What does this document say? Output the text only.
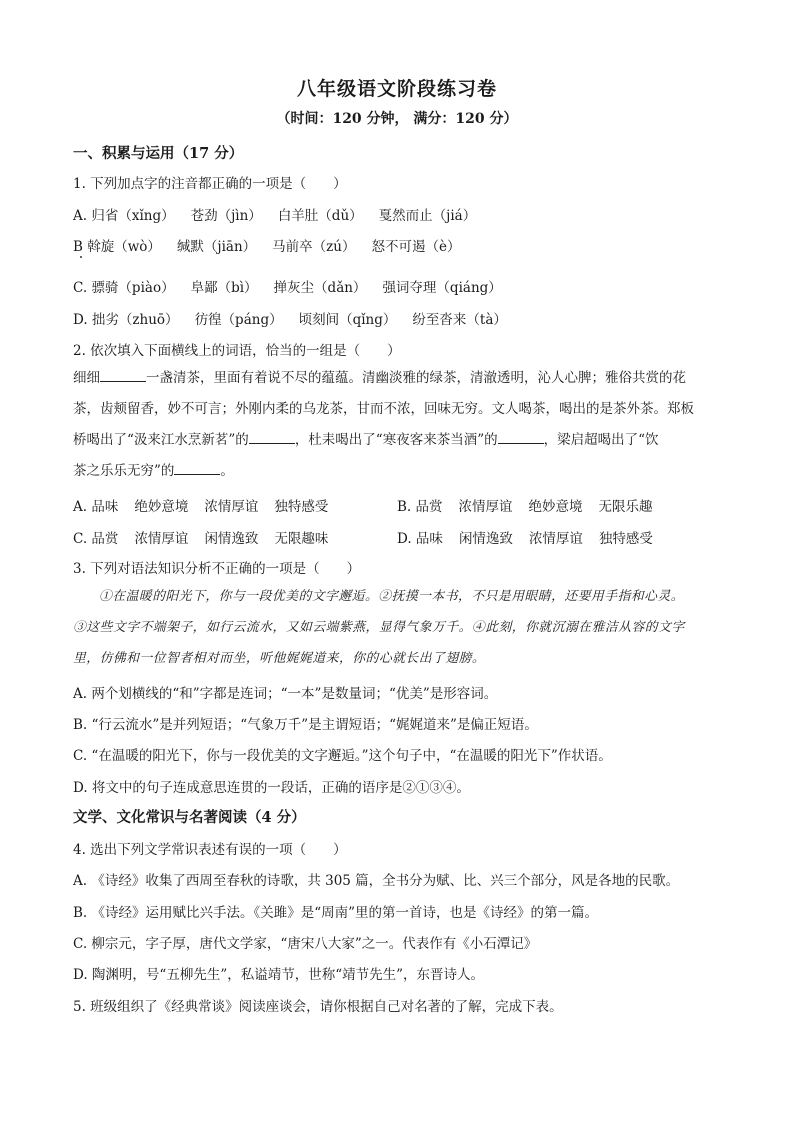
八年级语文阶段练习卷
（时间：120 分钟， 满分：120 分）
一、积累与运用（17 分）
1. 下列加点字的注音都正确的一项是（　　）
A. 归省（xǐng） 苍劲（jìn） 白羊肚（dǔ） 戛然而止（jiá）
B 斡旋（wò） 缄默（jiān） 马前卒（zú） 怒不可遏（è）
C. 骠骑（piào） 阜鄙（bì） 掸灰尘（dǎn） 强词夺理（qiáng）
D. 拙劣（zhuō） 彷徨（páng） 顷刻间（qǐng） 纷至沓来（tà）
2. 依次填入下面横线上的词语，恰当的一组是（　　）
细细	一盏清茶，里面有着说不尽的蕴蕴。清幽淡雅的绿茶，清澈透明，沁人心脾；雅俗共赏的花
茶，齿颊留香，妙不可言；外刚内柔的乌龙茶，甘而不浓，回味无穷。文人喝茶，喝出的是茶外茶。郑板
桥喝出了“汲来江水烹新茗”的	，杜耒喝出了“寒夜客来茶当酒”的	，梁启超喝出了“饮
茶之乐乐无穷”的	。
A. 品味 绝妙意境 浓情厚谊 独特感受	B. 品赏 浓情厚谊 绝妙意境 无限乐趣
C. 品赏 浓情厚谊 闲情逸致 无限趣味	D. 品味 闲情逸致 浓情厚谊 独特感受
3. 下列对语法知识分析不正确的一项是（　　）

①在温暖的阳光下，你与一段优美的文字邂逅。②抚摸一本书，不只是用眼睛，还要用手指和心灵。

③这些文字不端架子，如行云流水，又如云端紫燕，显得气象万千。④此刻，你就沉溺在雅洁从容的文字

里，仿佛和一位智者相对而坐，听他娓娓道来，你的心就长出了翅膀。

A. 两个划横线的“和”字都是连词；“一本”是数量词；“优美”是形容词。
B. “行云流水”是并列短语；“气象万千”是主谓短语；“娓娓道来”是偏正短语。
C. “在温暖的阳光下，你与一段优美的文字邂逅。”这个句子中，“在温暖的阳光下”作状语。
D. 将文中的句子连成意思连贯的一段话，正确的语序是②①③④。
文学、文化常识与名著阅读（4 分）
4. 选出下列文学常识表述有误的一项（　　）
A. 《诗经》收集了西周至春秋的诗歌，共 305 篇，全书分为赋、比、兴三个部分，风是各地的民歌。
B. 《诗经》运用赋比兴手法。《关雎》是“周南”里的第一首诗，也是《诗经》的第一篇。
C. 柳宗元，字子厚，唐代文学家，“唐宋八大家”之一。代表作有《小石潭记》
D. 陶渊明，号“五柳先生”，私谥靖节，世称“靖节先生”，东晋诗人。
5. 班级组织了《经典常谈》阅读座谈会，请你根据自己对名著的了解，完成下表。
